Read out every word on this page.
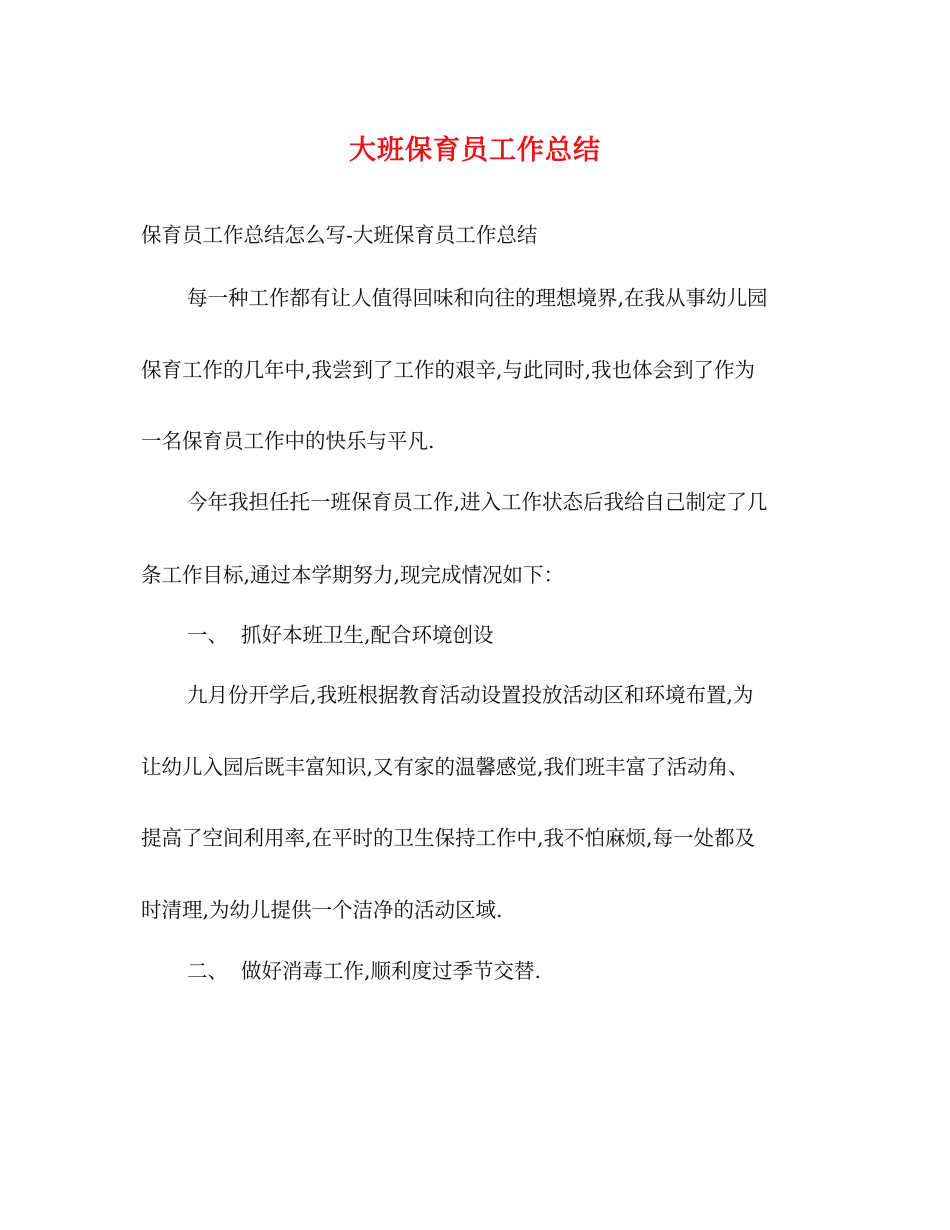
大班保育员工作总结
保育员工作总结怎么写-大班保育员工作总结
每一种工作都有让人值得回味和向往的理想境界,在我从事幼儿园
保育工作的几年中,我尝到了工作的艰辛,与此同时,我也体会到了作为
一名保育员工作中的快乐与平凡.
今年我担任托一班保育员工作,进入工作状态后我给自己制定了几
条工作目标,通过本学期努力,现完成情况如下：
一、  抓好本班卫生,配合环境创设
九月份开学后,我班根据教育活动设置投放活动区和环境布置,为
让幼儿入园后既丰富知识,又有家的温馨感觉,我们班丰富了活动角、
提高了空间利用率,在平时的卫生保持工作中,我不怕麻烦,每一处都及
时清理,为幼儿提供一个洁净的活动区域.
二、  做好消毒工作,顺利度过季节交替.
